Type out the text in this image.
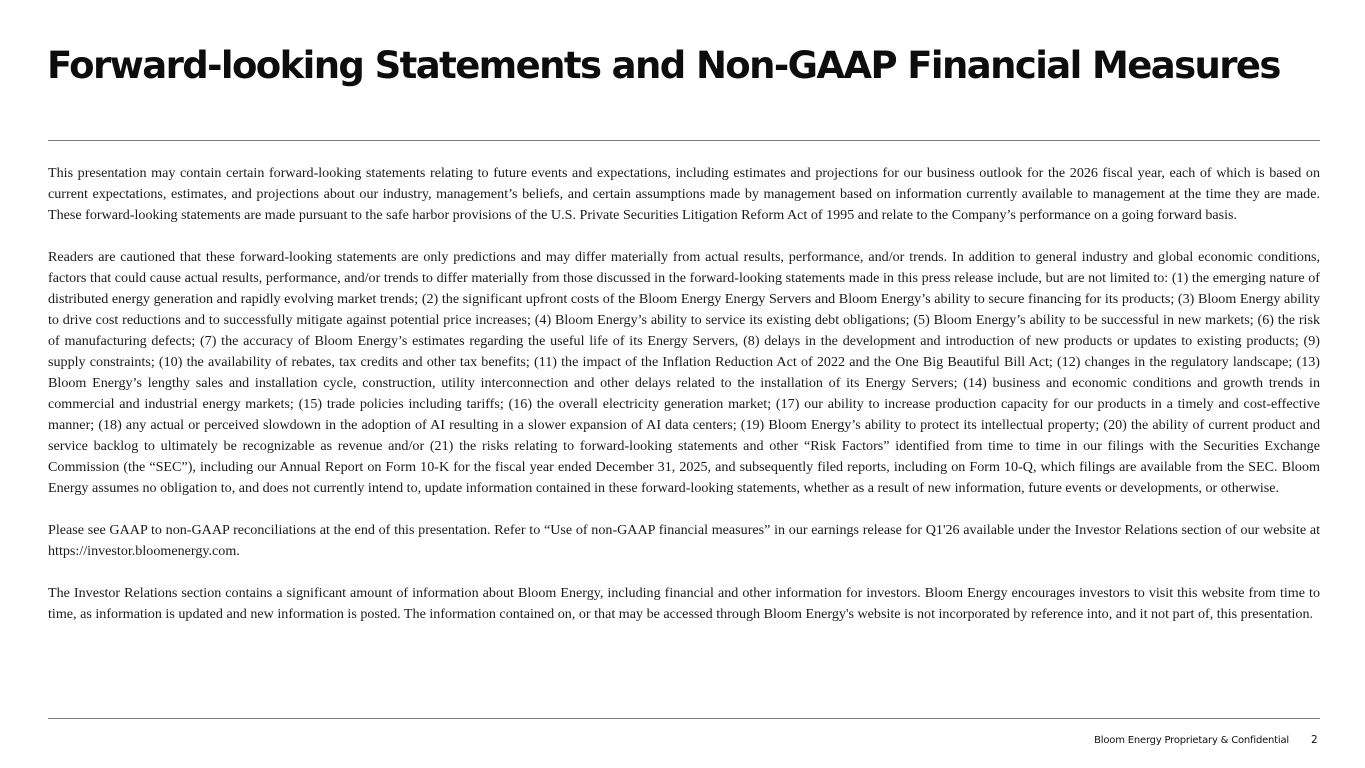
Forward-looking Statements and Non-GAAP Financial Measures

This presentation may contain certain forward-looking statements relating to future events and expectations, including estimates and projections for our business outlook for the 2026 fiscal year, each of which is based on current expectations, estimates, and projections about our industry, management’s beliefs, and certain assumptions made by management based on information currently available to management at the time they are made. These forward-looking statements are made pursuant to the safe harbor provisions of the U.S. Private Securities Litigation Reform Act of 1995 and relate to the Company’s performance on a going forward basis.

Readers are cautioned that these forward-looking statements are only predictions and may differ materially from actual results, performance, and/or trends. In addition to general industry and global economic conditions, factors that could cause actual results, performance, and/or trends to differ materially from those discussed in the forward-looking statements made in this press release include, but are not limited to: (1) the emerging nature of distributed energy generation and rapidly evolving market trends; (2) the significant upfront costs of the Bloom Energy Energy Servers and Bloom Energy’s ability to secure financing for its products; (3) Bloom Energy ability to drive cost reductions and to successfully mitigate against potential price increases; (4) Bloom Energy’s ability to service its existing debt obligations; (5) Bloom Energy’s ability to be successful in new markets; (6) the risk of manufacturing defects; (7) the accuracy of Bloom Energy’s estimates regarding the useful life of its Energy Servers, (8) delays in the development and introduction of new products or updates to existing products; (9) supply constraints; (10) the availability of rebates, tax credits and other tax benefits; (11) the impact of the Inflation Reduction Act of 2022 and the One Big Beautiful Bill Act; (12) changes in the regulatory landscape; (13) Bloom Energy’s lengthy sales and installation cycle, construction, utility interconnection and other delays related to the installation of its Energy Servers; (14) business and economic conditions and growth trends in commercial and industrial energy markets; (15) trade policies including tariffs; (16) the overall electricity generation market; (17) our ability to increase production capacity for our products in a timely and cost-effective manner; (18) any actual or perceived slowdown in the adoption of AI resulting in a slower expansion of AI data centers; (19) Bloom Energy’s ability to protect its intellectual property; (20) the ability of current product and service backlog to ultimately be recognizable as revenue and/or (21) the risks relating to forward-looking statements and other “Risk Factors” identified from time to time in our filings with the Securities Exchange Commission (the “SEC”), including our Annual Report on Form 10-K for the fiscal year ended December 31, 2025, and subsequently filed reports, including on Form 10-Q, which filings are available from the SEC. Bloom Energy assumes no obligation to, and does not currently intend to, update information contained in these forward-looking statements, whether as a result of new information, future events or developments, or otherwise.

Please see GAAP to non-GAAP reconciliations at the end of this presentation. Refer to “Use of non-GAAP financial measures” in our earnings release for Q1'26 available under the Investor Relations section of our website at https://investor.bloomenergy.com.

The Investor Relations section contains a significant amount of information about Bloom Energy, including financial and other information for investors. Bloom Energy encourages investors to visit this website from time to time, as information is updated and new information is posted. The information contained on, or that may be accessed through Bloom Energy's website is not incorporated by reference into, and it not part of, this presentation.

Bloom Energy Proprietary & Confidential 2
